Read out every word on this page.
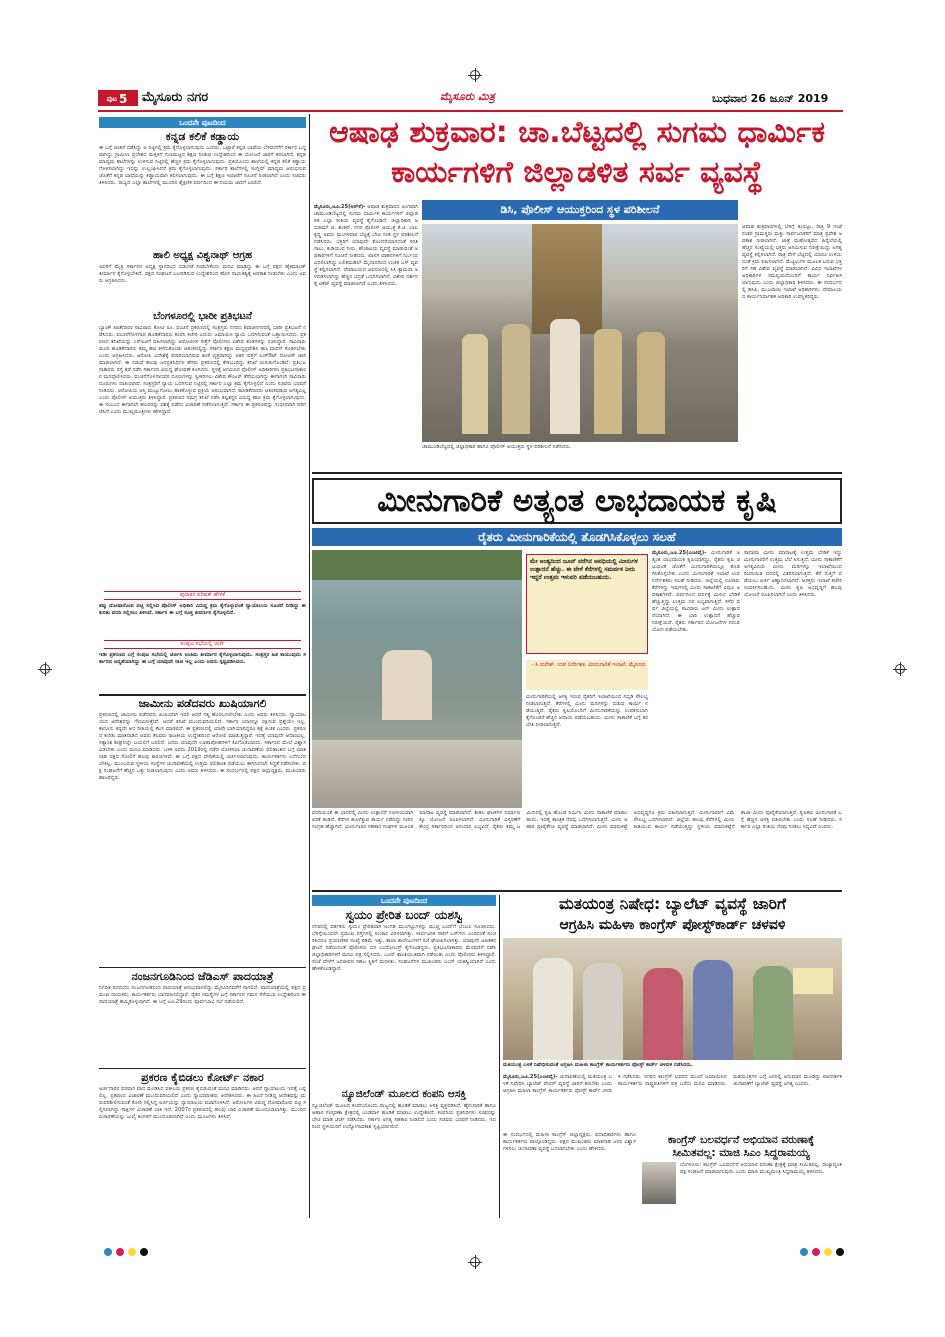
ಪುಟ 5	ಮೈಸೂರು ನಗರ	ಮೈಸೂರು ಮಿತ್ರ	ಬುಧವಾರ 26 ಜೂನ್ 2019
ಒಂದನೇ ಪುಟದಿಂದ
ಕನ್ನಡ ಕಲಿಕೆ ಕಡ್ಡಾಯ
ಈ ಬಗ್ಗೆ ಚಿಂತನೆ ನಡೆಸಿದ್ದು ಆ ನಿಟ್ಟಿನಲ್ಲಿ ಕ್ರಮ ಕೈಗೊಳ್ಳಲಾಗುವುದು ಎಂದರು. ಒಟ್ಟಾರೆ ಕನ್ನಡ ಭಾಷೆಯ ಬೆಳವಣಿಗೆಗೆ ಸರ್ಕಾರ ಬದ್ಧವಾಗಿದ್ದು ಗ್ರಾಮೀಣ ಪ್ರದೇಶದ ಮಕ್ಕಳಿಗೆ ಗುಣಮಟ್ಟದ ಶಿಕ್ಷಣ ನೀಡುವ ಉದ್ದೇಶದಿಂದ ಈ ಯೋಜನೆ ಜಾರಿಗೆ ತರಲಾಗಿದೆ. ಕನ್ನಡ ಮಾಧ್ಯಮ ಶಾಲೆಗಳನ್ನು ಉಳಿಸುವ ನಿಟ್ಟಿನಲ್ಲಿ ಹೆಚ್ಚಿನ ಕ್ರಮ ಕೈಗೊಳ್ಳಲಾಗುವುದು. ಪ್ರತಿಯೊಂದು ಶಾಲೆಯಲ್ಲಿ ಕನ್ನಡ ಕಲಿಕೆ ಕಡ್ಡಾಯಗೊಳಿಸಲಾಗಿದ್ದು ಇದನ್ನು ಉಲ್ಲಂಘಿಸಿದರೆ ಕ್ರಮ ಕೈಗೊಳ್ಳಲಾಗುವುದು. ಸರ್ಕಾರಿ ಶಾಲೆಗಳಲ್ಲಿ ಇಂಗ್ಲಿಷ್ ಮಾಧ್ಯಮ ಆರಂಭಿಸುವ ಜೊತೆಗೆ ಕನ್ನಡ ಭಾಷೆಯನ್ನು ಕಡ್ಡಾಯವಾಗಿ ಕಲಿಸಲಾಗುವುದು. ಈ ಬಗ್ಗೆ ಶಿಕ್ಷಣ ಇಲಾಖೆಗೆ ಸೂಚನೆ ನೀಡಲಾಗಿದೆ ಎಂದು ಸಚಿವರು ತಿಳಿಸಿದರು. ರಾಜ್ಯದ ಎಲ್ಲಾ ಶಾಲೆಗಳಲ್ಲಿ ಮುಂದಿನ ಶೈಕ್ಷಣಿಕ ವರ್ಷದಿಂದ ಈ ನಿಯಮ ಜಾರಿಗೆ ಬರಲಿದೆ.
ಹಾಲಿ ಅಧ್ಯಕ್ಷ ವಿಶ್ವನಾಥ್ ಆಗ್ರಹ
ಅವರಿಗೆ ಮೈತ್ರಿ ಸರ್ಕಾರದ ಅಧ್ಯಕ್ಷ ಸ್ಥಾನದಿಂದ ಬಿಡುಗಡೆ ನೀಡಬೇಕೆಂದು ಮನವಿ ಮಾಡಿದ್ದು ಈ ಬಗ್ಗೆ ಪಕ್ಷದ ಹೈಕಮಾಂಡ್ ತೀರ್ಮಾನ ಕೈಗೊಳ್ಳಬೇಕಿದೆ. ಪಕ್ಷದ ಸಂಘಟನೆ ಬಲಪಡಿಸುವ ಉದ್ದೇಶದಿಂದ ಹೊಸ ನಾಯಕತ್ವಕ್ಕೆ ಅವಕಾಶ ನೀಡಬೇಕು ಎಂದು ಅವರು ಆಗ್ರಹಿಸಿದರು.
ಬೆಂಗಳೂರಲ್ಲಿ ಭಾರೀ ಪ್ರತಿಭಟನೆ
ಬ್ಯಾಂಕ್ ಖಾತೆದಾರರ ಸಾವಿರಾರು ಕೋಟಿ ರೂ. ವಂಚನೆ ಪ್ರಕರಣದಲ್ಲಿ ಸಂತ್ರಸ್ತರು ನಗರದ ಶಿವಾಜಿನಗರದಲ್ಲಿ ಭಾರೀ ಪ್ರತಿಭಟನೆ ನಡೆಸಿದರು. ವಂಚನೆಗೊಳಗಾದ ಹೂಡಿಕೆದಾರರು ಕಂಪನಿ ಕಚೇರಿ ಎದುರು ಜಮಾಯಿಸಿ ನ್ಯಾಯ ಒದಗಿಸುವಂತೆ ಒತ್ತಾಯಿಸಿದರು. ಪ್ರಕರಣದ ತನಿಖೆಯನ್ನು ಎಸ್‌ಐಟಿಗೆ ವಹಿಸಲಾಗಿದ್ದು ಆರೋಪಿಗಳ ಪತ್ತೆಗೆ ಪೊಲೀಸರು ವಿಶೇಷ ತಂಡಗಳನ್ನು ರಚಿಸಿದ್ದಾರೆ. ಸಾವಿರಾರು ಮಂದಿ ಹೂಡಿಕೆದಾರರು ತಮ್ಮ ಹಣ ಕಳೆದುಕೊಂಡು ಆತಂಕದಲ್ಲಿದ್ದು ಸರ್ಕಾರ ತಕ್ಷಣ ಮಧ್ಯಪ್ರವೇಶಿಸಿ ಹಣ ವಾಪಸ್ ಕೊಡಿಸಬೇಕು ಎಂದು ಆಗ್ರಹಿಸಿದರು. ಆರೋಪಿ ವಿದೇಶಕ್ಕೆ ಪರಾರಿಯಾಗಿರುವ ಶಂಕೆ ವ್ಯಕ್ತವಾಗಿದ್ದು ಆತನ ಪತ್ತೆಗೆ ಲುಕ್‌ಔಟ್ ನೋಟಿಸ್ ಜಾರಿ ಮಾಡಲಾಗಿದೆ. ಈ ನಡುವೆ ಹಲವು ಜನಪ್ರತಿನಿಧಿಗಳ ಹೆಸರು ಪ್ರಕರಣದಲ್ಲಿ ಕೇಳಿಬಂದಿದ್ದು ತನಿಖೆ ಚುರುಕುಗೊಂಡಿದೆ. ಪ್ರತಿಭಟನಾಕಾರರು ರಸ್ತೆ ತಡೆ ನಡೆಸಿ ಸರ್ಕಾರದ ವಿರುದ್ಧ ಘೋಷಣೆ ಕೂಗಿದರು. ಸ್ಥಳಕ್ಕೆ ಆಗಮಿಸಿದ ಪೊಲೀಸ್ ಅಧಿಕಾರಿಗಳು ಪ್ರತಿಭಟನಾಕಾರರ ಮನವೊಲಿಸಿದರು. ವಂಚನೆಗೊಳಗಾದವರ ದೂರುಗಳನ್ನು ಸ್ವೀಕರಿಸಲು ವಿಶೇಷ ಕೌಂಟರ್ ತೆರೆಯಲಾಗಿದ್ದು ಈಗಾಗಲೇ ಸಾವಿರಾರು ದೂರುಗಳು ದಾಖಲಾಗಿವೆ. ಸಂತ್ರಸ್ತರಿಗೆ ನ್ಯಾಯ ಒದಗಿಸುವ ನಿಟ್ಟಿನಲ್ಲಿ ಸರ್ಕಾರ ಎಲ್ಲಾ ಕ್ರಮ ಕೈಗೊಳ್ಳಲಿದೆ ಎಂದು ಸಚಿವರು ಭರವಸೆ ನೀಡಿದರು. ಆರೋಪಿಯ ಆಸ್ತಿ ಮುಟ್ಟುಗೋಲು ಹಾಕಿಕೊಳ್ಳುವ ಪ್ರಕ್ರಿಯೆ ಆರಂಭವಾಗಿದೆ. ಹೂಡಿಕೆದಾರರು ಆತಂಕಪಡುವ ಅಗತ್ಯವಿಲ್ಲ ಎಂದು ಪೊಲೀಸ್ ಆಯುಕ್ತರು ತಿಳಿಸಿದ್ದಾರೆ. ಪ್ರಕರಣದ ಸಮಗ್ರ ತನಿಖೆ ನಡೆಸಿ ತಪ್ಪಿತಸ್ಥರ ವಿರುದ್ಧ ಕಠಿಣ ಕ್ರಮ ಕೈಗೊಳ್ಳಲಾಗುವುದು. ಈ ಸಂಬಂಧ ಈಗಾಗಲೇ ಹಲವರನ್ನು ವಶಕ್ಕೆ ಪಡೆದು ವಿಚಾರಣೆ ನಡೆಸಲಾಗುತ್ತಿದೆ. ಸರ್ಕಾರ ಈ ಪ್ರಕರಣವನ್ನು ಗಂಭೀರವಾಗಿ ಪರಿಗಣಿಸಿದೆ ಎಂದು ಮುಖ್ಯಮಂತ್ರಿಗಳು ಹೇಳಿದ್ದಾರೆ.
ಪುರಾತನ ಪರಿಷತ್ ಹೇಳಿಕೆ
ತಪ್ಪು ದೋಷಾರೋಪ ಪಟ್ಟಿ ಸಲ್ಲಿಸಿದ ಪೊಲೀಸ್ ಅಧಿಕಾರಿ ವಿರುದ್ಧ ಕ್ರಮ ಕೈಗೊಳ್ಳುವಂತೆ ನ್ಯಾಯಾಲಯ ಸೂಚನೆ ನೀಡಿದ್ದು ಈ ಕುರಿತು ವರದಿ ಸಲ್ಲಿಸಲು ತಿಳಿಸಿದೆ. ಸರ್ಕಾರ ಈ ಬಗ್ಗೆ ಸೂಕ್ತ ತೀರ್ಮಾನ ಕೈಗೊಳ್ಳಲಿದೆ.
ಸಂಪುಟ ಸಭೆಯಲ್ಲಿ ಚರ್ಚೆ
ಇಡೀ ಪ್ರಕರಣದ ಬಗ್ಗೆ ಸಂಪುಟ ಸಭೆಯಲ್ಲಿ ಚರ್ಚಿಸಿ ಅಂತಿಮ ತೀರ್ಮಾನ ಕೈಗೊಳ್ಳಲಾಗುವುದು. ಸಂತ್ರಸ್ತರ ಹಿತ ಕಾಯುವುದು ಸರ್ಕಾರದ ಆದ್ಯತೆಯಾಗಿದ್ದು ಈ ಬಗ್ಗೆ ಯಾವುದೇ ರಾಜಿ ಇಲ್ಲ ಎಂದು ಅವರು ಸ್ಪಷ್ಟಪಡಿಸಿದರು.
ಜಾಮೀನು ಪಡೆದವರು ಖುಷಿಯಾಗಲಿ
ಪ್ರಕರಣದಲ್ಲಿ ಜಾಮೀನು ಪಡೆದವರು ಖುಷಿಯಾಗಿ ಇರಲಿ ಆದರೆ ಸತ್ಯ ಹೊರಬರಲೇಬೇಕು ಎಂದು ಅವರು ತಿಳಿಸಿದರು. ನ್ಯಾಯಾಲಯದ ಆದೇಶವನ್ನು ಗೌರವಿಸುತ್ತೇವೆ. ಆದರೆ ತನಿಖೆ ಮುಂದುವರಿಯಲಿದೆ. ಸರ್ಕಾರ ಯಾರನ್ನೂ ರಕ್ಷಿಸುವ ಪ್ರಶ್ನೆಯೇ ಇಲ್ಲ. ಕಾನೂನು ತನ್ನದೇ ಆದ ರೀತಿಯಲ್ಲಿ ಕೆಲಸ ಮಾಡಲಿದೆ. ಈ ಪ್ರಕರಣದಲ್ಲಿ ಯಾರೇ ಭಾಗಿಯಾಗಿದ್ದರೂ ಶಿಕ್ಷೆ ಖಚಿತ ಎಂದರು. ಪ್ರಕರಣದ ಕುರಿತು ಮಾತನಾಡಿದ ಅವರು ಕೆಲವರು ರಾಜಕೀಯ ಉದ್ದೇಶದಿಂದ ಆರೋಪ ಮಾಡುತ್ತಿದ್ದಾರೆ. ಇದಕ್ಕೆ ಯಾವುದೇ ಆಧಾರವಿಲ್ಲ. ಸತ್ಯಾಂಶ ಶೀಘ್ರದಲ್ಲೇ ಬಯಲಿಗೆ ಬರಲಿದೆ. ಜನರು ಯಾವುದೇ ಊಹಾಪೋಹಗಳಿಗೆ ಕಿವಿಗೊಡಬಾರದು. ಸರ್ಕಾರದ ಮೇಲೆ ವಿಶ್ವಾಸವಿಡಬೇಕು ಎಂದು ಮನವಿ ಮಾಡಿದರು. ಬಳಿಕ ಅವರು 2019ರಲ್ಲಿ ನಡೆದ ಲೋಕಸಭಾ ಚುನಾವಣೆಯ ಫಲಿತಾಂಶದ ಬಗ್ಗೆ ಮಾತನಾಡಿ ಪಕ್ಷದ ಸೋಲಿಗೆ ಹಲವು ಕಾರಣಗಳಿವೆ. ಈ ಬಗ್ಗೆ ಪಕ್ಷದ ವೇದಿಕೆಯಲ್ಲಿ ಚರ್ಚಿಸಲಾಗುವುದು. ಕಾರ್ಯಕರ್ತರು ಎದೆಗುಂದಬೇಕಿಲ್ಲ. ಮುಂಬರುವ ಸ್ಥಳೀಯ ಸಂಸ್ಥೆಗಳ ಚುನಾವಣೆಯಲ್ಲಿ ಉತ್ತಮ ಫಲಿತಾಂಶ ಪಡೆಯಲು ಈಗಿನಿಂದಲೇ ಸಿದ್ಧತೆ ನಡೆಸಬೇಕು. ಪಕ್ಷ ಸಂಘಟನೆಗೆ ಹೆಚ್ಚಿನ ಒತ್ತು ನೀಡಲಾಗುವುದು ಎಂದು ಅವರು ತಿಳಿಸಿದರು. ಈ ಸಂದರ್ಭದಲ್ಲಿ ಪಕ್ಷದ ಜಿಲ್ಲಾಧ್ಯಕ್ಷರು, ಮುಖಂಡರು ಹಾಜರಿದ್ದರು.
ನಂಜನಗೂಡಿನಿಂದ ಜೆಡಿಎಸ್ ಪಾದಯಾತ್ರೆ
ನಿಗದಿತ ದಿನದಂದು ನಂಜನಗೂಡಿನಿಂದ ಪಾದಯಾತ್ರೆ ಆರಂಭವಾಗಲಿದ್ದು ಮೈಸೂರಿನವರೆಗೆ ಸಾಗಲಿದೆ. ಪಾದಯಾತ್ರೆಯಲ್ಲಿ ಪಕ್ಷದ ಪ್ರಮುಖ ನಾಯಕರು, ಕಾರ್ಯಕರ್ತರು ಭಾಗವಹಿಸಲಿದ್ದಾರೆ. ರೈತರ ಸಮಸ್ಯೆಗಳ ಬಗ್ಗೆ ಸರ್ಕಾರದ ಗಮನ ಸೆಳೆಯುವ ಉದ್ದೇಶದಿಂದ ಈ ಪಾದಯಾತ್ರೆ ಹಮ್ಮಿಕೊಳ್ಳಲಾಗಿದೆ. ಈ ಬಗ್ಗೆ ಜೂ.29ರಂದು ಪೂರ್ವಭಾವಿ ಸಭೆ ನಡೆಯಲಿದೆ.
ಪ್ರಕರಣ ಕೈಬಿಡಲು ಕೋರ್ಟ್ ನಕಾರ
ಅರ್ಜಿದಾರರ ಪರವಾಗಿ ವಾದ ಮಂಡಿಸಿದ ವಕೀಲರು ಪ್ರಕರಣ ಕೈಬಿಡುವಂತೆ ಮನವಿ ಮಾಡಿದರು. ಆದರೆ ನ್ಯಾಯಾಲಯ ಇದಕ್ಕೆ ಒಪ್ಪಲಿಲ್ಲ. ಪ್ರಕರಣದ ವಿಚಾರಣೆ ಮುಂದುವರಿಯಲಿದೆ ಎಂದು ನ್ಯಾಯಾಧೀಶರು ಆದೇಶಿಸಿದರು. ಈ ಹಿಂದೆ ನೀಡಿದ್ದ ಆದೇಶವನ್ನು ಮರುಪರಿಶೀಲಿಸುವಂತೆ ಕೋರಿ ಸಲ್ಲಿಸಿದ್ದ ಅರ್ಜಿಯನ್ನು ನ್ಯಾಯಾಲಯ ವಜಾಗೊಳಿಸಿದೆ. ಆರೋಪಿಗಳ ವಿರುದ್ಧ ದೋಷಾರೋಪ ಪಟ್ಟಿ ಸಲ್ಲಿಸಲಾಗಿದ್ದು ಸಾಕ್ಷಿಗಳ ವಿಚಾರಣೆ ಬಾಕಿ ಇದೆ. 2007ರ ಪ್ರಕರಣದಲ್ಲಿ ಹಲವು ಬಾರಿ ವಿಚಾರಣೆ ಮುಂದೂಡಲಾಗಿತ್ತು. ಮುಂದಿನ ವಿಚಾರಣೆಯನ್ನು ಜುಲೈ ತಿಂಗಳಿಗೆ ಮುಂದೂಡಲಾಗಿದೆ ಎಂದು ಮೂಲಗಳು ತಿಳಿಸಿವೆ.
ಆಷಾಢ ಶುಕ್ರವಾರ: ಚಾ.ಬೆಟ್ಟದಲ್ಲಿ ಸುಗಮ ಧಾರ್ಮಿಕ
ಕಾರ್ಯಗಳಿಗೆ ಜಿಲ್ಲಾಡಳಿತ ಸರ್ವ ವ್ಯವಸ್ಥೆ
ಡಿಸಿ, ಪೊಲೀಸ್ ಆಯುಕ್ತರಿಂದ ಸ್ಥಳ ಪರಿಶೀಲನೆ
ಮೈಸೂರು,ಜೂ.25(ಆರ್‌ಕೆ)- ಆಷಾಢ ಶುಕ್ರವಾರದ ಅಂಗವಾಗಿ ಚಾಮುಂಡಿಬೆಟ್ಟದಲ್ಲಿ ಸುಗಮ ಧಾರ್ಮಿಕ ಕಾರ್ಯಗಳಿಗೆ ಜಿಲ್ಲಾಡಳಿತ ಎಲ್ಲಾ ರೀತಿಯ ವ್ಯವಸ್ಥೆ ಕೈಗೊಂಡಿದೆ. ಜಿಲ್ಲಾಧಿಕಾರಿ ಅಭಿರಾಮ್ ಜಿ. ಶಂಕರ್, ನಗರ ಪೊಲೀಸ್ ಆಯುಕ್ತ ಕೆ.ಟಿ. ಬಾಲಕೃಷ್ಣ ಅವರು ಮಂಗಳವಾರ ಬೆಟ್ಟಕ್ಕೆ ಭೇಟಿ ನೀಡಿ ಸ್ಥಳ ಪರಿಶೀಲನೆ ನಡೆಸಿದರು. ಭಕ್ತರಿಗೆ ಯಾವುದೇ ತೊಂದರೆಯಾಗದಂತೆ ಸರತಿ ಸಾಲು, ಕುಡಿಯುವ ನೀರು, ಶೌಚಾಲಯ ವ್ಯವಸ್ಥೆ ಮಾಡುವಂತೆ ಅಧಿಕಾರಿಗಳಿಗೆ ಸೂಚನೆ ನೀಡಿದರು. ಖಾಸಗಿ ವಾಹನಗಳಿಗೆ ನಿರ್ಬಂಧ ವಿಧಿಸಲಾಗಿದ್ದು ಲಲಿತಮಹಲ್ ಮೈದಾನದಿಂದ ಉಚಿತ ಬಸ್ ವ್ಯವಸ್ಥೆ ಕಲ್ಪಿಸಲಾಗಿದೆ. ದೇವಾಲಯದ ಆವರಣದಲ್ಲಿ ಸಿಸಿ ಕ್ಯಾಮರಾ ಅಳವಡಿಸಲಾಗಿದ್ದು ಹೆಚ್ಚಿನ ಭದ್ರತೆ ಒದಗಿಸಲಾಗಿದೆ. ವಿಶೇಷ ದರ್ಶನಕ್ಕೆ ಟಿಕೆಟ್ ವ್ಯವಸ್ಥೆ ಮಾಡಲಾಗಿದೆ ಎಂದು ತಿಳಿಸಿದರು.
ಚಾಮುಂಡಿಬೆಟ್ಟದಲ್ಲಿ ಜಿಲ್ಲಾಧಿಕಾರಿ ಹಾಗೂ ಪೊಲೀಸ್ ಆಯುಕ್ತರು ಸ್ಥಳ ಪರಿಶೀಲನೆ ನಡೆಸಿದರು.
ಆಷಾಢ ಶುಕ್ರವಾರಗಳಲ್ಲಿ ಬೆಳಿಗ್ಗೆ ತಂಬಿಟ್ಟು, ರಾತ್ರಿ 9 ಗಂಟೆ ನಂತರ ಗ್ರಾಮಸ್ಥರು ಮತ್ತು ಸಾರ್ವಜನಿಕರಿಗೆ ಮಾತ್ರ ಪ್ರವೇಶ ಅವಕಾಶ ನೀಡಲಾಗಿದೆ. ಜಾತ್ರೆ ಮಹೋತ್ಸವದ ಹಿನ್ನೆಲೆಯಲ್ಲಿ ಹೆಚ್ಚಿನ ಸಂಖ್ಯೆಯಲ್ಲಿ ಭಕ್ತರು ಆಗಮಿಸುವ ನಿರೀಕ್ಷೆಯಿದ್ದು ಅಗತ್ಯ ವ್ಯವಸ್ಥೆ ಕಲ್ಪಿಸಲಾಗಿದೆ. ರಾತ್ರಿ ವೇಳೆ ಬೆಟ್ಟದಲ್ಲಿ ಯಾರೂ ಉಳಿಯದಂತೆ ಕ್ರಮ ವಹಿಸಲಾಗಿದೆ. ಮೆಟ್ಟಿಲುಗಳ ಮೂಲಕ ಬರುವ ಭಕ್ತರಿಗೆ ಸಹ ವಿಶೇಷ ವ್ಯವಸ್ಥೆ ಮಾಡಲಾಗಿದೆ. ವಿವಿಧ ಇಲಾಖೆಗಳ ಅಧಿಕಾರಿಗಳ ಸಮನ್ವಯದೊಂದಿಗೆ ಕಾರ್ಯ ನಿರ್ವಹಿಸಲಾಗುವುದು ಎಂದು ಜಿಲ್ಲಾಧಿಕಾರಿ ತಿಳಿಸಿದರು. ಈ ಸಂದರ್ಭದಲ್ಲಿ ಡಿಸಿಪಿ, ಮುಜರಾಯಿ ಇಲಾಖೆ ಅಧಿಕಾರಿಗಳು, ದೇವಾಲಯದ ಕಾರ್ಯನಿರ್ವಾಹಕ ಅಧಿಕಾರಿ ಉಪಸ್ಥಿತರಿದ್ದರು.
ಮೀನುಗಾರಿಕೆ ಅತ್ಯಂತ ಲಾಭದಾಯಕ ಕೃಷಿ
ರೈತರು ಮೀನುಗಾರಿಕೆಯಲ್ಲಿ ತೊಡಗಿಸಿಕೊಳ್ಳಲು ಸಲಹೆ
ಮೇ ಅಂತ್ಯದಿಂದ ಜೂನ್ ವರೆಗಿನ ಅವಧಿಯಲ್ಲಿ ಮೀನುಗಳ ಉತ್ಪಾದನೆ ಹೆಚ್ಚು. ಈ ವೇಳೆ ಕೆರೆಗಳಲ್ಲಿ ಸಮರ್ಪಕ ನೀರು ಇದ್ದರೆ ಉತ್ತಮ ಇಳುವರಿ ಪಡೆಯಬಹುದು.
- ಸಿ.ಸುರೇಶ್, ಉಪ ನಿರ್ದೇಶಕ, ಮೀನುಗಾರಿಕೆ ಇಲಾಖೆ, ಮೈಸೂರು
ಮೀನುಗಾರಿಕೆಯಲ್ಲಿ ಆಸಕ್ತಿ ಇರುವ ರೈತರಿಗೆ ಇಲಾಖೆಯಿಂದ ಸಬ್ಸಿಡಿ ಸೌಲಭ್ಯ ನೀಡಲಾಗುತ್ತಿದೆ. ಕೆರೆಗಳಲ್ಲಿ ಮೀನು ಮರಿಗಳನ್ನು ಬಿಡುವ ಕಾರ್ಯ ನಡೆಯುತ್ತಿದೆ. ರೈತರು ಕೃಷಿಯೊಂದಿಗೆ ಮೀನುಗಾರಿಕೆಯನ್ನು ಉಪಕಸುಬಾಗಿ ಕೈಗೊಂಡರೆ ಹೆಚ್ಚಿನ ಆದಾಯ ಪಡೆಯಬಹುದು. ಮೀನು ಸಾಕಾಣಿಕೆ ಬಗ್ಗೆ ತರಬೇತಿ ನೀಡಲಾಗುತ್ತದೆ.
ಮೈಸೂರು,ಜೂ.25(ಎಂಟಿವೈ)- ಮೀನುಗಾರಿಕೆ ಅತ್ಯಂತ ಲಾಭದಾಯಕ ಕೃಷಿಯಾಗಿದ್ದು, ರೈತರು ಕೃಷಿ ಚಟುವಟಿಕೆ ಜೊತೆಗೆ ಮೀನುಗಾರಿಕೆಯಲ್ಲೂ ತೊಡಗಿಸಿಕೊಳ್ಳಬೇಕು ಎಂದು ಮೀನುಗಾರಿಕೆ ಇಲಾಖೆ ಉಪ ನಿರ್ದೇಶಕರು ಸಲಹೆ ನೀಡಿದರು. ಜಿಲ್ಲೆಯಲ್ಲಿ ನೂರಾರು ಕೆರೆಗಳಿದ್ದು ಇವುಗಳಲ್ಲಿ ಮೀನು ಸಾಕಾಣಿಕೆಗೆ ವಿಪುಲ ಅವಕಾಶಗಳಿವೆ. ವರ್ಷದಿಂದ ವರ್ಷಕ್ಕೆ ಮೀನಿನ ಬೇಡಿಕೆ ಹೆಚ್ಚುತ್ತಿದ್ದು ಉತ್ತಮ ದರ ಲಭ್ಯವಾಗುತ್ತಿದೆ. ಕಳೆದ ವರ್ಷ ಜಿಲ್ಲೆಯಲ್ಲಿ ಸಾವಿರಾರು ಟನ್ ಮೀನು ಉತ್ಪಾದನೆಯಾಗಿದೆ. ಈ ಬಾರಿ ಉತ್ಪಾದನೆ ಹೆಚ್ಚುವ ನಿರೀಕ್ಷೆಯಿದೆ. ರೈತರು ಸರ್ಕಾರದ ಯೋಜನೆಗಳ ಸದುಪಯೋಗ ಪಡೆಯಬೇಕು.
ಸಾದಾಪಾ ಮೀನು ಮಾರಾಟಕ್ಕೆ ಉತ್ತಮ ಬೇಡಿಕೆ ಇದ್ದು ಮೀನುಗಾರರಿಗೆ ಉತ್ತಮ ಬೆಲೆ ಸಿಗುತ್ತಿದೆ. ಮೀನು ಸಾಕಾಣಿಕೆಗೆ ಅಗತ್ಯವಿರುವ ಮೀನು ಮರಿಗಳನ್ನು ಇಲಾಖೆಯಿಂದ ರಿಯಾಯಿತಿ ದರದಲ್ಲಿ ವಿತರಿಸಲಾಗುತ್ತಿದೆ. ಕೆರೆ ಗುತ್ತಿಗೆ ಪಡೆಯಲು ಅರ್ಜಿ ಆಹ್ವಾನಿಸಲಾಗಿದೆ. ಆಸಕ್ತರು ಇಲಾಖೆ ಕಚೇರಿ ಸಂಪರ್ಕಿಸಬಹುದು. ಮೀನು ಕೃಷಿ ಅಭಿವೃದ್ಧಿಗೆ ಹಲವು ಯೋಜನೆ ರೂಪಿಸಲಾಗಿದೆ ಎಂದು ತಿಳಿಸಿದರು.
ವರದಿಯಂತೆ ಈ ಭಾಗದಲ್ಲಿ ಮೀನು ಉತ್ಪಾದನೆ ಗಣನೀಯವಾಗಿ ಏರಿಕೆ ಕಂಡಿದೆ. ಕೆರೆಗಳ ಹೂಳೆತ್ತುವ ಕಾರ್ಯ ನಡೆದಿದ್ದು ನೀರಿನ ಸಂಗ್ರಹ ಹೆಚ್ಚಾಗಿದೆ. ಮೀನುಗಾರರ ಸಹಕಾರ ಸಂಘಗಳ ಮೂಲಕ ಮಾರಾಟ ವ್ಯವಸ್ಥೆ ಮಾಡಲಾಗಿದೆ. ಶೀತಲ ಘಟಕಗಳ ನಿರ್ಮಾಣಕ್ಕೂ ಯೋಜನೆ ರೂಪಿಸಲಾಗಿದೆ. ಮೀನುಗಾರಿಕೆ ವಿಸ್ತರಣೆಗೆ ಕೇಂದ್ರ ಸರ್ಕಾರದಿಂದ ಅನುದಾನ ಲಭ್ಯವಿದೆ. ರೈತರು ತಮ್ಮ ಜಮೀನಿನಲ್ಲಿ ಕೃಷಿ ಹೊಂಡ ನಿರ್ಮಿಸಿ ಮೀನು ಸಾಕಾಣಿಕೆ ಮಾಡಬಹುದು. ಇದಕ್ಕೆ ತಾಂತ್ರಿಕ ನೆರವು ಒದಗಿಸಲಾಗುತ್ತದೆ. ಮೀನು ಆಹಾರ ಪೂರೈಕೆಗೂ ವ್ಯವಸ್ಥೆ ಮಾಡಲಾಗಿದೆ. ಮೀನು ಮಾರುಕಟ್ಟೆ ಅಭಿವೃದ್ಧಿಗೂ ಕ್ರಮ ವಹಿಸಲಾಗುತ್ತಿದೆ. ಮೀನುಗಾರರಿಗೆ ವಿಮೆ ಸೌಲಭ್ಯ ಒದಗಿಸಲಾಗಿದೆ. ಜಿಲ್ಲೆಯ ಹಲವು ಕೆರೆಗಳಲ್ಲಿ ಮೀನು ಹಿಡಿಯುವ ಕಾರ್ಯ ನಡೆಯುತ್ತಿದ್ದು ಸ್ಥಳೀಯ ಮಾರುಕಟ್ಟೆಗೆ ತಾಜಾ ಮೀನು ಪೂರೈಕೆಯಾಗುತ್ತಿದೆ. ಕೃಷಿಕರು ಮೀನುಗಾರಿಕೆ ಬಗ್ಗೆ ಹೆಚ್ಚಿನ ಆಸಕ್ತಿ ವಹಿಸಬೇಕು ಎಂದು ಸಲಹೆ ನೀಡಿದರು. ಸರ್ಕಾರ ಎಲ್ಲಾ ರೀತಿಯ ನೆರವು ನೀಡಲು ಸಿದ್ಧವಿದೆ ಎಂದರು.
ಒಂದನೇ ಪುಟದಿಂದ
ಸ್ವಯಂ ಪ್ರೇರಿತ ಬಂದ್ ಯಶಸ್ವಿ
ನಗರದಲ್ಲಿ ವರ್ತಕರು ಸ್ವಯಂ ಪ್ರೇರಿತವಾಗಿ ಅಂಗಡಿ ಮುಂಗಟ್ಟುಗಳನ್ನು ಮುಚ್ಚಿ ಬಂದ್‌ಗೆ ಬೆಂಬಲ ಸೂಚಿಸಿದರು. ಬೆಳಿಗ್ಗೆಯಿಂದಲೇ ಪ್ರಮುಖ ರಸ್ತೆಗಳಲ್ಲಿ ಸಂಚಾರ ವಿರಳವಾಗಿತ್ತು. ಸಾರ್ವಜನಿಕ ಸಾರಿಗೆ ಬಸ್‌ಗಳು ಎಂದಿನಂತೆ ಸಂಚರಿಸಿದರೂ ಪ್ರಯಾಣಿಕರ ಸಂಖ್ಯೆ ಕಡಿಮೆ ಇತ್ತು. ಶಾಲಾ ಕಾಲೇಜುಗಳಿಗೆ ರಜೆ ಘೋಷಿಸಲಾಗಿತ್ತು. ಯಾವುದೇ ಅಹಿತಕರ ಘಟನೆ ನಡೆಯದಂತೆ ಪೊಲೀಸರು ಬಿಗಿ ಬಂದೋಬಸ್ತ್ ಕೈಗೊಂಡಿದ್ದರು. ಪ್ರತಿಭಟನಾಕಾರರು ಮೆರವಣಿಗೆ ನಡೆಸಿ ಜಿಲ್ಲಾಧಿಕಾರಿಗಳಿಗೆ ಮನವಿ ಪತ್ರ ಸಲ್ಲಿಸಿದರು. ಬಂದ್ ಶಾಂತಿಯುತವಾಗಿ ನಡೆಯಿತು ಎಂದು ಪೊಲೀಸರು ತಿಳಿಸಿದ್ದಾರೆ. ಸಂಜೆ ವೇಳೆಗೆ ಜನಜೀವನ ಸಹಜ ಸ್ಥಿತಿಗೆ ಮರಳಿತು. ಸಂಘಟನೆಗಳ ಮುಖಂಡರು ಬಂದ್ ಯಶಸ್ವಿಯಾಗಿದೆ ಎಂದು ಹೇಳಿಕೊಂಡಿದ್ದಾರೆ.
ನ್ಯೂಜಿಲೆಂಡ್ ಮೂಲದ ಕಂಪನಿ ಆಸಕ್ತಿ
ನ್ಯೂಜಿಲೆಂಡ್ ಮೂಲದ ಕಂಪನಿಯೊಂದು ರಾಜ್ಯದಲ್ಲಿ ಹೂಡಿಕೆ ಮಾಡಲು ಆಸಕ್ತಿ ವ್ಯಕ್ತಪಡಿಸಿದೆ. ಹೈನುಗಾರಿಕೆ ಹಾಗೂ ಆಹಾರ ಸಂಸ್ಕರಣಾ ಕ್ಷೇತ್ರದಲ್ಲಿ ಬಂಡವಾಳ ಹೂಡಿಕೆ ಮಾಡಲು ಉದ್ದೇಶಿಸಿದೆ. ಕಂಪನಿಯ ಪ್ರತಿನಿಧಿಗಳು ಸಚಿವರನ್ನು ಭೇಟಿ ಮಾಡಿ ಚರ್ಚೆ ನಡೆಸಿದರು. ಸರ್ಕಾರ ಅಗತ್ಯ ಸಹಕಾರ ನೀಡಲಿದೆ ಎಂದು ಸಚಿವರು ಭರವಸೆ ನೀಡಿದರು. ಇದರಿಂದ ಸ್ಥಳೀಯರಿಗೆ ಉದ್ಯೋಗಾವಕಾಶ ಸೃಷ್ಟಿಯಾಗಲಿದೆ.
ಮತಯಂತ್ರ ನಿಷೇಧ: ಬ್ಯಾಲೆಟ್ ವ್ಯವಸ್ಥೆ ಜಾರಿಗೆ
ಆಗ್ರಹಿಸಿ ಮಹಿಳಾ ಕಾಂಗ್ರೆಸ್ ಪೋಸ್ಟ್‌ಕಾರ್ಡ್ ಚಳವಳಿ
ಮತಯಂತ್ರ ಬಳಕೆ ನಿಷೇಧಿಸುವಂತೆ ಆಗ್ರಹಿಸಿ ಮಹಿಳಾ ಕಾಂಗ್ರೆಸ್ ಕಾರ್ಯಕರ್ತರು ಪೋಸ್ಟ್ ಕಾರ್ಡ್ ಚಳವಳಿ ನಡೆಸಿದರು.
ಮೈಸೂರು,ಜೂ.25(ಎಂಟಿವೈ)- ಚುನಾವಣೆಯಲ್ಲಿ ಮತಯಂತ್ರ ಬಳಕೆ ನಿಷೇಧಿಸಿ ಬ್ಯಾಲೆಟ್ ಪೇಪರ್ ವ್ಯವಸ್ಥೆ ಜಾರಿಗೆ ತರಬೇಕು ಎಂದು ಆಗ್ರಹಿಸಿ ಮಹಿಳಾ ಕಾಂಗ್ರೆಸ್ ಕಾರ್ಯಕರ್ತರು ಪೋಸ್ಟ್ ಕಾರ್ಡ್ ಚಳವಳಿ ನಡೆಸಿದರು. ನಗರದ ಕಾಂಗ್ರೆಸ್ ಭವನದ ಮುಂದೆ ಜಮಾಯಿಸಿದ ಕಾರ್ಯಕರ್ತರು ರಾಷ್ಟ್ರಪತಿಗಳಿಗೆ ಪತ್ರ ಬರೆದು ಮನವಿ ಮಾಡಿದರು. ಮತಯಂತ್ರಗಳ ಬಗ್ಗೆ ಜನರಲ್ಲಿ ಅನುಮಾನ ಮೂಡಿದ್ದು ಪಾರದರ್ಶಕ ಚುನಾವಣೆಗೆ ಬ್ಯಾಲೆಟ್ ವ್ಯವಸ್ಥೆ ಅಗತ್ಯ ಎಂದರು.
ಕಾಂಗ್ರೆಸ್ ಬಲವರ್ಧನೆ ಅಭಿಯಾನ ವರುಣಾಕ್ಕೆ
ಸೀಮಿತವಲ್ಲ: ಮಾಜಿ ಸಿಎಂ ಸಿದ್ದರಾಮಯ್ಯ
ಈ ಸಂದರ್ಭದಲ್ಲಿ ಮಹಿಳಾ ಕಾಂಗ್ರೆಸ್ ಜಿಲ್ಲಾಧ್ಯಕ್ಷರು, ಪದಾಧಿಕಾರಿಗಳು ಹಾಗೂ ಕಾರ್ಯಕರ್ತರು ಪಾಲ್ಗೊಂಡಿದ್ದರು. ಪಕ್ಷದ ಮುಖಂಡರು ಮಾತನಾಡಿ ಜನರ ವಿಶ್ವಾಸ ಗಳಿಸಲು ಚುನಾವಣಾ ವ್ಯವಸ್ಥೆ ಬದಲಾಗಬೇಕು ಎಂದು ಹೇಳಿದರು.
ಬೆಂಗಳೂರು: ಕಾಂಗ್ರೆಸ್ ಬಲವರ್ಧನೆ ಅಭಿಯಾನ ವರುಣಾ ಕ್ಷೇತ್ರಕ್ಕೆ ಮಾತ್ರ ಸೀಮಿತವಲ್ಲ. ರಾಜ್ಯಾದ್ಯಂತ ಪಕ್ಷ ಸಂಘಟನೆ ಮಾಡಲಾಗುವುದು ಎಂದು ಮಾಜಿ ಮುಖ್ಯಮಂತ್ರಿ ಸಿದ್ದರಾಮಯ್ಯ ತಿಳಿಸಿದರು.
